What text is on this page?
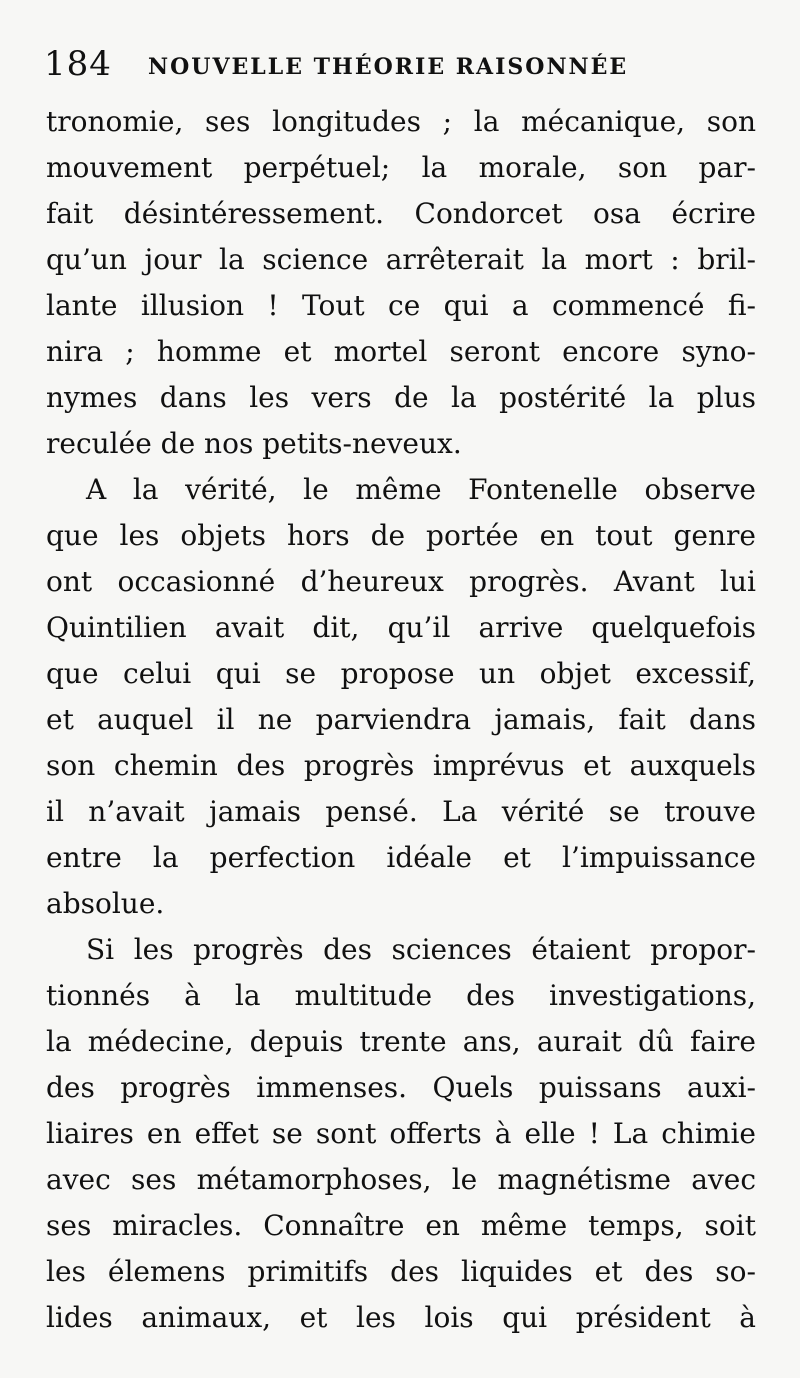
184 NOUVELLE THÉORIE RAISONNÉE
tronomie, ses longitudes ; la mécanique, son
mouvement perpétuel; la morale, son par-
fait désintéressement. Condorcet osa écrire
qu’un jour la science arrêterait la mort : bril-
lante illusion ! Tout ce qui a commencé fi-
nira ; homme et mortel seront encore syno-
nymes dans les vers de la postérité la plus
reculée de nos petits-neveux.
A la vérité, le même Fontenelle observe
que les objets hors de portée en tout genre
ont occasionné d’heureux progrès. Avant lui
Quintilien avait dit, qu’il arrive quelquefois
que celui qui se propose un objet excessif,
et auquel il ne parviendra jamais, fait dans
son chemin des progrès imprévus et auxquels
il n’avait jamais pensé. La vérité se trouve
entre la perfection idéale et l’impuissance
absolue.
Si les progrès des sciences étaient propor-
tionnés à la multitude des investigations,
la médecine, depuis trente ans, aurait dû faire
des progrès immenses. Quels puissans auxi-
liaires en effet se sont offerts à elle ! La chimie
avec ses métamorphoses, le magnétisme avec
ses miracles. Connaître en même temps, soit
les élemens primitifs des liquides et des so-
lides animaux, et les lois qui président à
